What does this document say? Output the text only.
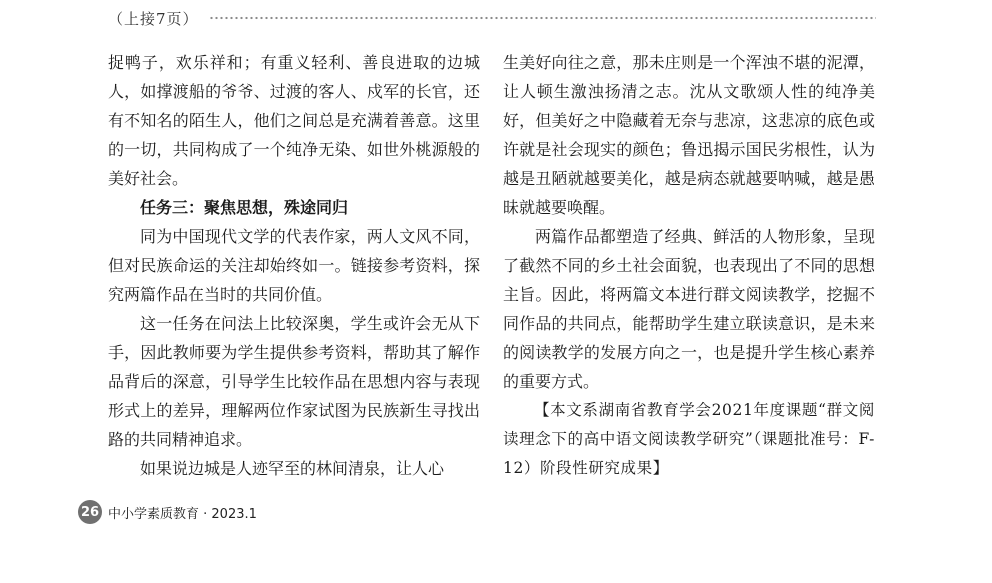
（上接7页）

捉鸭子，欢乐祥和；有重义轻利、善良进取的边城人，如撑渡船的爷爷、过渡的客人、戍军的长官，还有不知名的陌生人，他们之间总是充满着善意。这里的一切，共同构成了一个纯净无染、如世外桃源般的美好社会。

任务三：聚焦思想，殊途同归

同为中国现代文学的代表作家，两人文风不同，但对民族命运的关注却始终如一。链接参考资料，探究两篇作品在当时的共同价值。

这一任务在问法上比较深奥，学生或许会无从下手，因此教师要为学生提供参考资料，帮助其了解作品背后的深意，引导学生比较作品在思想内容与表现形式上的差异，理解两位作家试图为民族新生寻找出路的共同精神追求。

如果说边城是人迹罕至的林间清泉，让人心

生美好向往之意，那未庄则是一个浑浊不堪的泥潭，让人顿生激浊扬清之志。沈从文歌颂人性的纯净美好，但美好之中隐藏着无奈与悲凉，这悲凉的底色或许就是社会现实的颜色；鲁迅揭示国民劣根性，认为越是丑陋就越要美化，越是病态就越要呐喊，越是愚昧就越要唤醒。

两篇作品都塑造了经典、鲜活的人物形象，呈现了截然不同的乡土社会面貌，也表现出了不同的思想主旨。因此，将两篇文本进行群文阅读教学，挖掘不同作品的共同点，能帮助学生建立联读意识，是未来的阅读教学的发展方向之一，也是提升学生核心素养的重要方式。

【本文系湖南省教育学会2021年度课题“群文阅读理念下的高中语文阅读教学研究”（课题批准号：F-12）阶段性研究成果】

26 中小学素质教育 · 2023.1
